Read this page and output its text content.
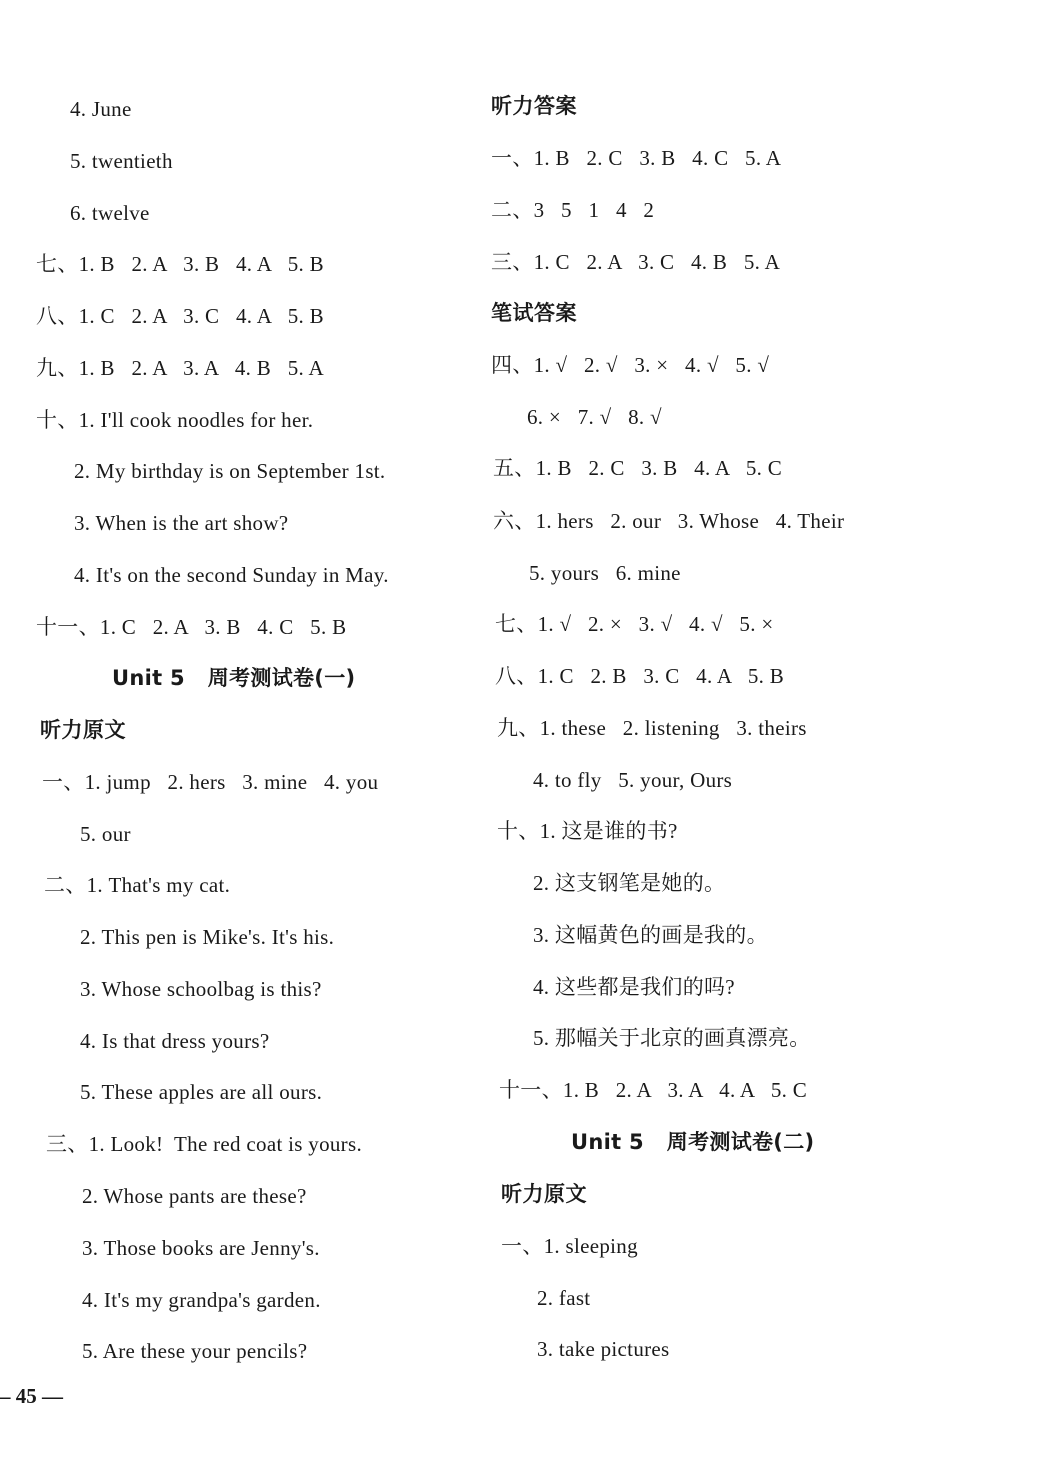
4. June
5. twentieth
6. twelve
七、1. B   2. A   3. B   4. A   5. B
八、1. C   2. A   3. C   4. A   5. B
九、1. B   2. A   3. A   4. B   5. A
十、1. I'll cook noodles for her.
2. My birthday is on September 1st.
3. When is the art show?
4. It's on the second Sunday in May.
十一、1. C   2. A   3. B   4. C   5. B
Unit 5   周考测试卷(一)
听力原文
一、1. jump   2. hers   3. mine   4. you
5. our
二、1. That's my cat.
2. This pen is Mike's. It's his.
3. Whose schoolbag is this?
4. Is that dress yours?
5. These apples are all ours.
三、1. Look!  The red coat is yours.
2. Whose pants are these?
3. Those books are Jenny's.
4. It's my grandpa's garden.
5. Are these your pencils?
听力答案
一、1. B   2. C   3. B   4. C   5. A
二、3   5   1   4   2
三、1. C   2. A   3. C   4. B   5. A
笔试答案
四、1. √   2. √   3. ×   4. √   5. √
6. ×   7. √   8. √
五、1. B   2. C   3. B   4. A   5. C
六、1. hers   2. our   3. Whose   4. Their
5. yours   6. mine
七、1. √   2. ×   3. √   4. √   5. ×
八、1. C   2. B   3. C   4. A   5. B
九、1. these   2. listening   3. theirs
4. to fly   5. your, Ours
十、1. 这是谁的书?
2. 这支钢笔是她的。
3. 这幅黄色的画是我的。
4. 这些都是我们的吗?
5. 那幅关于北京的画真漂亮。
十一、1. B   2. A   3. A   4. A   5. C
Unit 5   周考测试卷(二)
听力原文
一、1. sleeping
2. fast
3. take pictures
– 45 —
